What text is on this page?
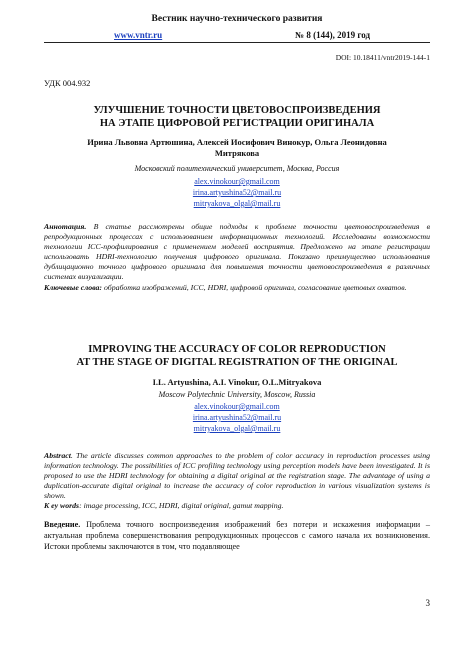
Вестник научно-технического развития
www.vntr.ru	№ 8 (144), 2019 год
DOI: 10.18411/vntr2019-144-1
УДК 004.932
УЛУЧШЕНИЕ ТОЧНОСТИ ЦВЕТОВОСПРОИЗВЕДЕНИЯ
НА ЭТАПЕ ЦИФРОВОЙ РЕГИСТРАЦИИ ОРИГИНАЛА
Ирина Львовна Артюшина, Алексей Иосифович Винокур, Ольга Леонидовна
Митрякова
Московский политехнический университет, Москва, Россия
alex.vinokour@gmail.com
irina.artyushina52@mail.ru
mitryakova_olgal@mail.ru
Аннотация. В статье рассмотрены общие подходы к проблеме точности цветовоспроизведения в репродукционных процессах с использованием информационных технологий. Исследованы возможности технологии ICC-профилирования с применением моделей восприятия. Предложено на этапе регистрации использовать HDRI-технологию получения цифрового оригинала. Показано преимущество использования дублицационно точного цифрового оригинала для повышения точности цветовоспроизведения в различных системах визуализации.
Ключевые слова: обработка изображений, ICC, HDRI, цифровой оригинал, согласование цветовых охватов.
IMPROVING THE ACCURACY OF COLOR REPRODUCTION
AT THE STAGE OF DIGITAL REGISTRATION OF THE ORIGINAL
I.L. Artyushina, A.I. Vinokur, O.L.Mitryakova
Moscow Polytechnic University, Moscow, Russia
alex.vinokour@gmail.com
irina.artyushina52@mail.ru
mitryakova_olgal@mail.ru
Abstract. The article discusses common approaches to the problem of color accuracy in reproduction processes using information technology. The possibilities of ICC profiling technology using perception models have been investigated. It is proposed to use the HDRI technology for obtaining a digital original at the registration stage. The advantage of using a duplication-accurate digital original to increase the accuracy of color reproduction in various visualization systems is shown.
K ey words: image processing, ICC, HDRI, digital original, gamut mapping.
Введение. Проблема точного воспроизведения изображений без потери и искажения информации – актуальная проблема совершенствования репродукционных процессов с самого начала их возникновения. Истоки проблемы заключаются в том, что подавляющее
3
